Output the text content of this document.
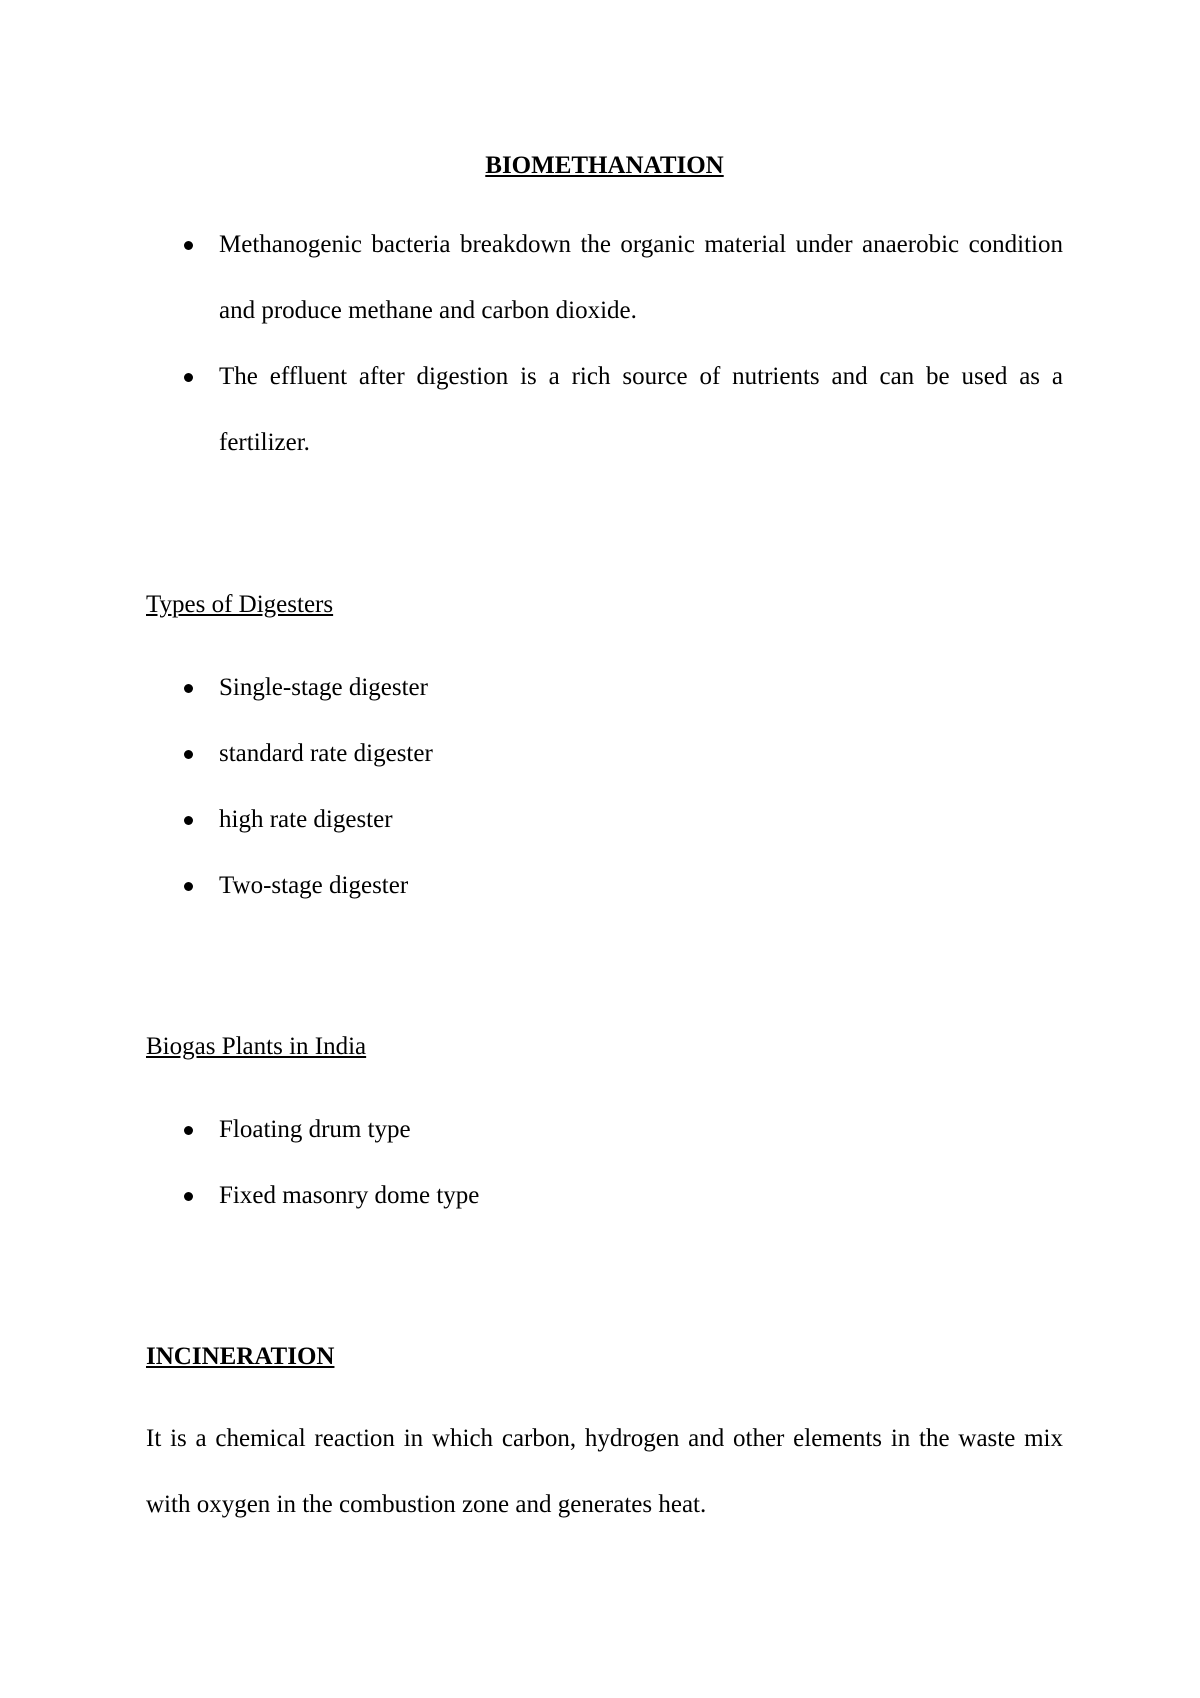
BIOMETHANATION
Methanogenic bacteria breakdown the organic material under anaerobic condition and produce methane and carbon dioxide.
The effluent after digestion is a rich source of nutrients and can be used as a fertilizer.
Types of Digesters
Single-stage digester
standard rate digester
high rate digester
Two-stage digester
Biogas Plants in India
Floating drum type
Fixed masonry dome type
INCINERATION

It is a chemical reaction in which carbon, hydrogen and other elements in the waste mix with oxygen in the combustion zone and generates heat.
